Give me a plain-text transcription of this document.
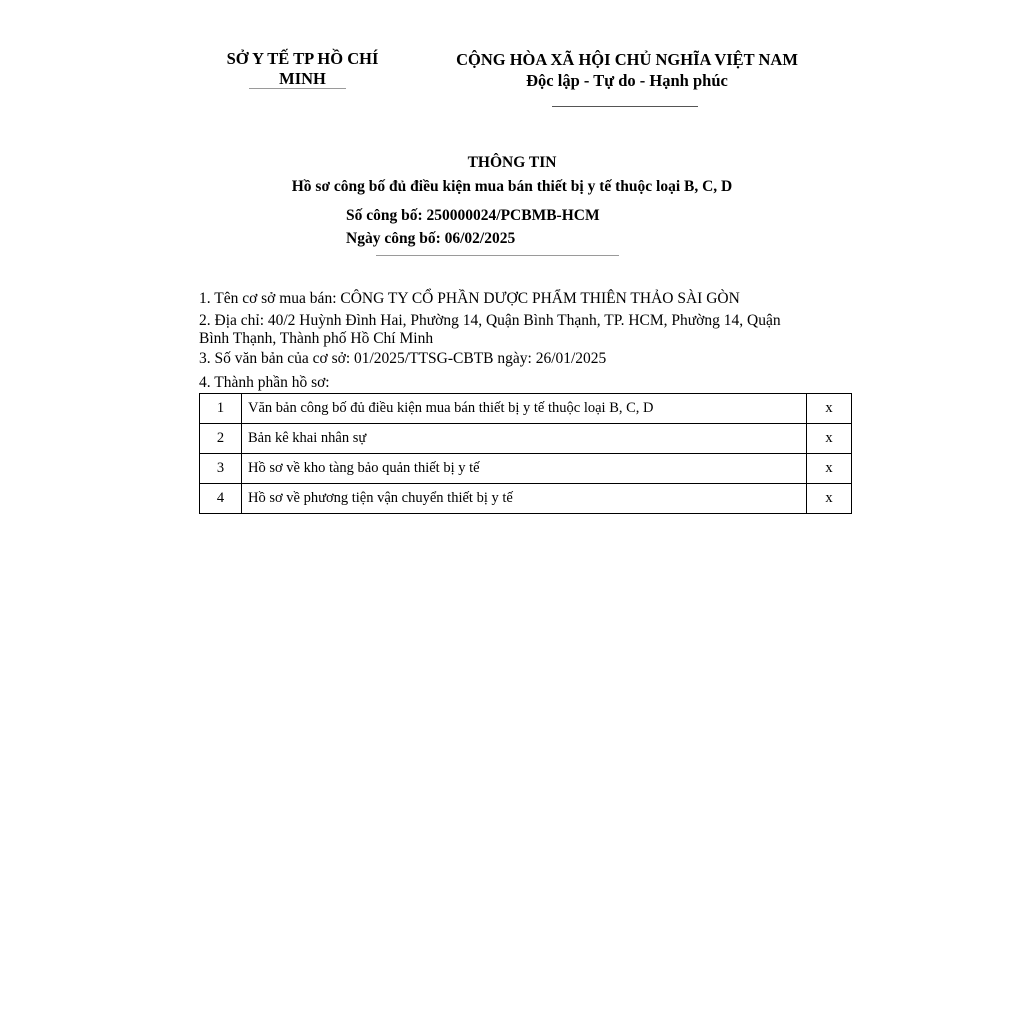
SỞ Y TẾ TP HỒ CHÍ
MINH
CỘNG HÒA XÃ HỘI CHỦ NGHĨA VIỆT NAM
Độc lập - Tự do - Hạnh phúc
THÔNG TIN
Hồ sơ công bố đủ điều kiện mua bán thiết bị y tế thuộc loại B, C, D
Số công bố: 250000024/PCBMB-HCM
Ngày công bố: 06/02/2025
1. Tên cơ sở mua bán: CÔNG TY CỔ PHẦN DƯỢC PHẨM THIÊN THẢO SÀI GÒN
2. Địa chỉ: 40/2 Huỳnh Đình Hai, Phường 14, Quận Bình Thạnh, TP. HCM, Phường 14, Quận Bình Thạnh, Thành phố Hồ Chí Minh
3. Số văn bản của cơ sở: 01/2025/TTSG-CBTB ngày: 26/01/2025
4. Thành phần hồ sơ:
1	Văn bản công bố đủ điều kiện mua bán thiết bị y tế thuộc loại B, C, D	x
2	Bản kê khai nhân sự	x
3	Hồ sơ về kho tàng bảo quản thiết bị y tế	x
4	Hồ sơ về phương tiện vận chuyển thiết bị y tế	x
